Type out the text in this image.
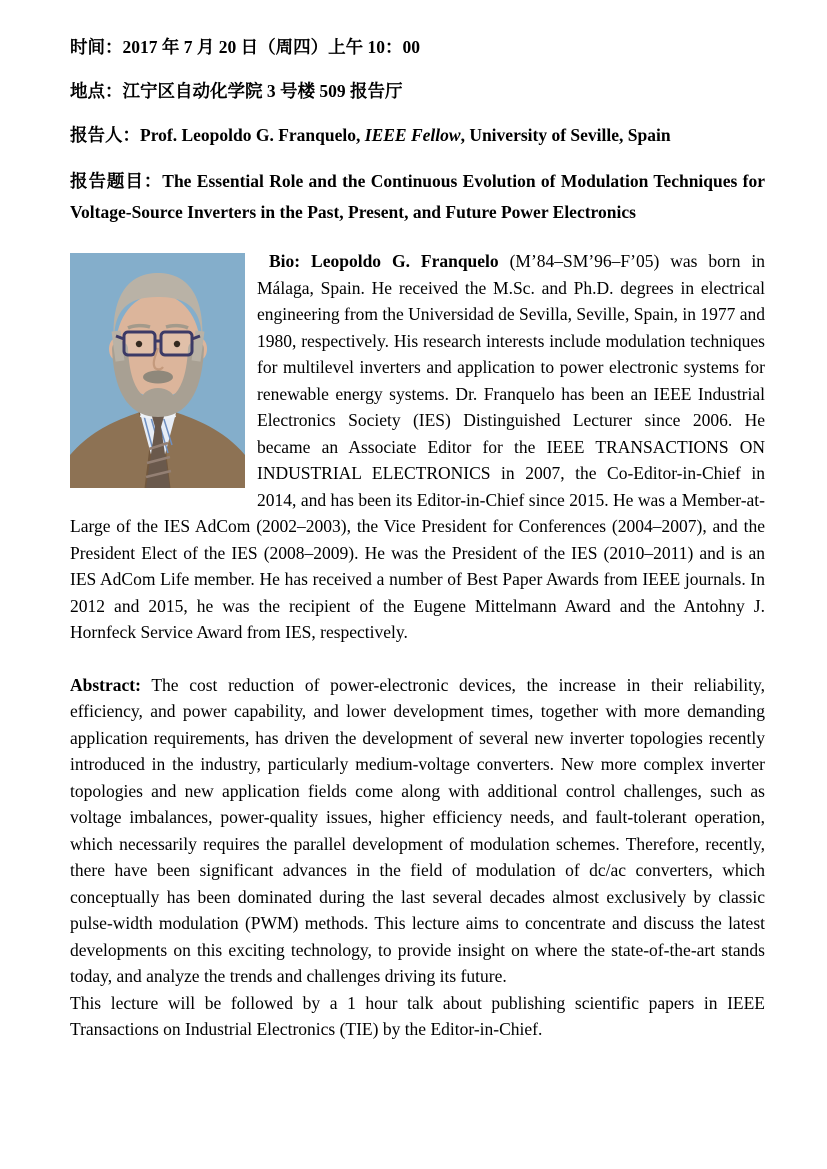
时间：2017 年 7 月 20 日（周四）上午 10：00

地点：江宁区自动化学院 3 号楼 509 报告厅

报告人：Prof. Leopoldo G. Franquelo, IEEE Fellow, University of Seville, Spain

报告题目：The Essential Role and the Continuous Evolution of Modulation Techniques for Voltage-Source Inverters in the Past, Present, and Future Power Electronics

Bio: Leopoldo G. Franquelo (M’84–SM’96–F’05) was born in Málaga, Spain. He received the M.Sc. and Ph.D. degrees in electrical engineering from the Universidad de Sevilla, Seville, Spain, in 1977 and 1980, respectively. His research interests include modulation techniques for multilevel inverters and application to power electronic systems for renewable energy systems. Dr. Franquelo has been an IEEE Industrial Electronics Society (IES) Distinguished Lecturer since 2006. He became an Associate Editor for the IEEE TRANSACTIONS ON INDUSTRIAL ELECTRONICS in 2007, the Co-Editor-in-Chief in 2014, and has been its Editor-in-Chief since 2015. He was a Member-at-Large of the IES AdCom (2002–2003), the Vice President for Conferences (2004–2007), and the President Elect of the IES (2008–2009). He was the President of the IES (2010–2011) and is an IES AdCom Life member. He has received a number of Best Paper Awards from IEEE journals. In 2012 and 2015, he was the recipient of the Eugene Mittelmann Award and the Antohny J. Hornfeck Service Award from IES, respectively.

Abstract: The cost reduction of power-electronic devices, the increase in their reliability, efficiency, and power capability, and lower development times, together with more demanding application requirements, has driven the development of several new inverter topologies recently introduced in the industry, particularly medium-voltage converters. New more complex inverter topologies and new application fields come along with additional control challenges, such as voltage imbalances, power-quality issues, higher efficiency needs, and fault-tolerant operation, which necessarily requires the parallel development of modulation schemes. Therefore, recently, there have been significant advances in the field of modulation of dc/ac converters, which conceptually has been dominated during the last several decades almost exclusively by classic pulse-width modulation (PWM) methods. This lecture aims to concentrate and discuss the latest developments on this exciting technology, to provide insight on where the state-of-the-art stands today, and analyze the trends and challenges driving its future.

This lecture will be followed by a 1 hour talk about publishing scientific papers in IEEE Transactions on Industrial Electronics (TIE) by the Editor-in-Chief.
